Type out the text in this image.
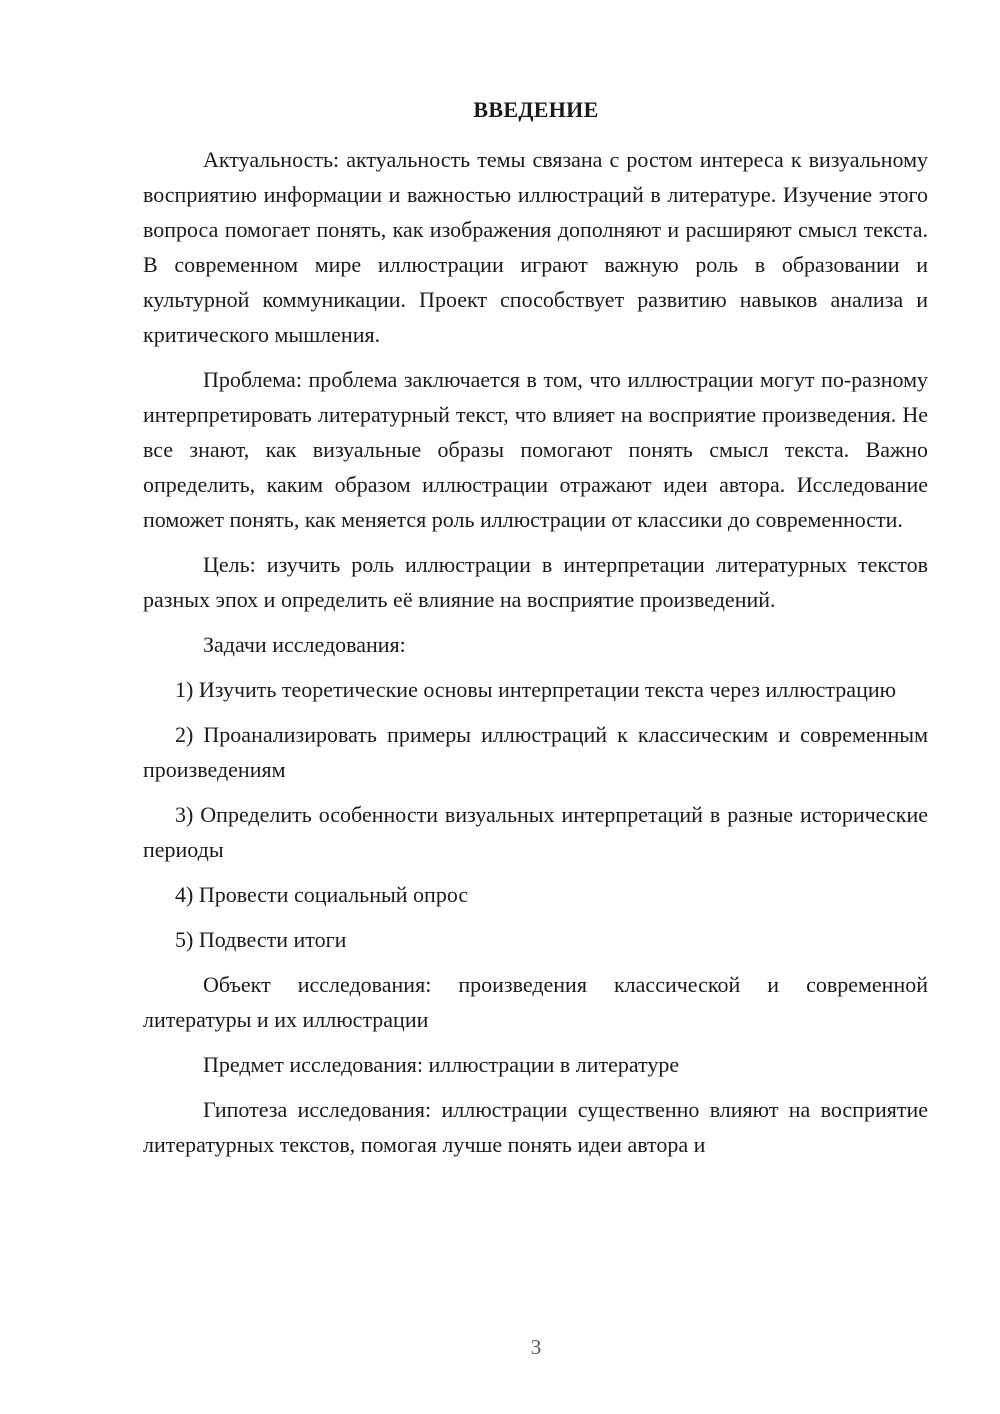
ВВЕДЕНИЕ

Актуальность: актуальность темы связана с ростом интереса к визуальному восприятию информации и важностью иллюстраций в литературе. Изучение этого вопроса помогает понять, как изображения дополняют и расширяют смысл текста. В современном мире иллюстрации играют важную роль в образовании и культурной коммуникации. Проект способствует развитию навыков анализа и критического мышления.

Проблема: проблема заключается в том, что иллюстрации могут по-разному интерпретировать литературный текст, что влияет на восприятие произведения. Не все знают, как визуальные образы помогают понять смысл текста. Важно определить, каким образом иллюстрации отражают идеи автора. Исследование поможет понять, как меняется роль иллюстрации от классики до современности.

Цель: изучить роль иллюстрации в интерпретации литературных текстов разных эпох и определить её влияние на восприятие произведений.

Задачи исследования:

1) Изучить теоретические основы интерпретации текста через иллюстрацию

2) Проанализировать примеры иллюстраций к классическим и современным произведениям

3) Определить особенности визуальных интерпретаций в разные исторические периоды

4) Провести социальный опрос

5) Подвести итоги

Объект исследования: произведения классической и современной литературы и их иллюстрации

Предмет исследования: иллюстрации в литературе

Гипотеза исследования: иллюстрации существенно влияют на восприятие литературных текстов, помогая лучше понять идеи автора и

3
